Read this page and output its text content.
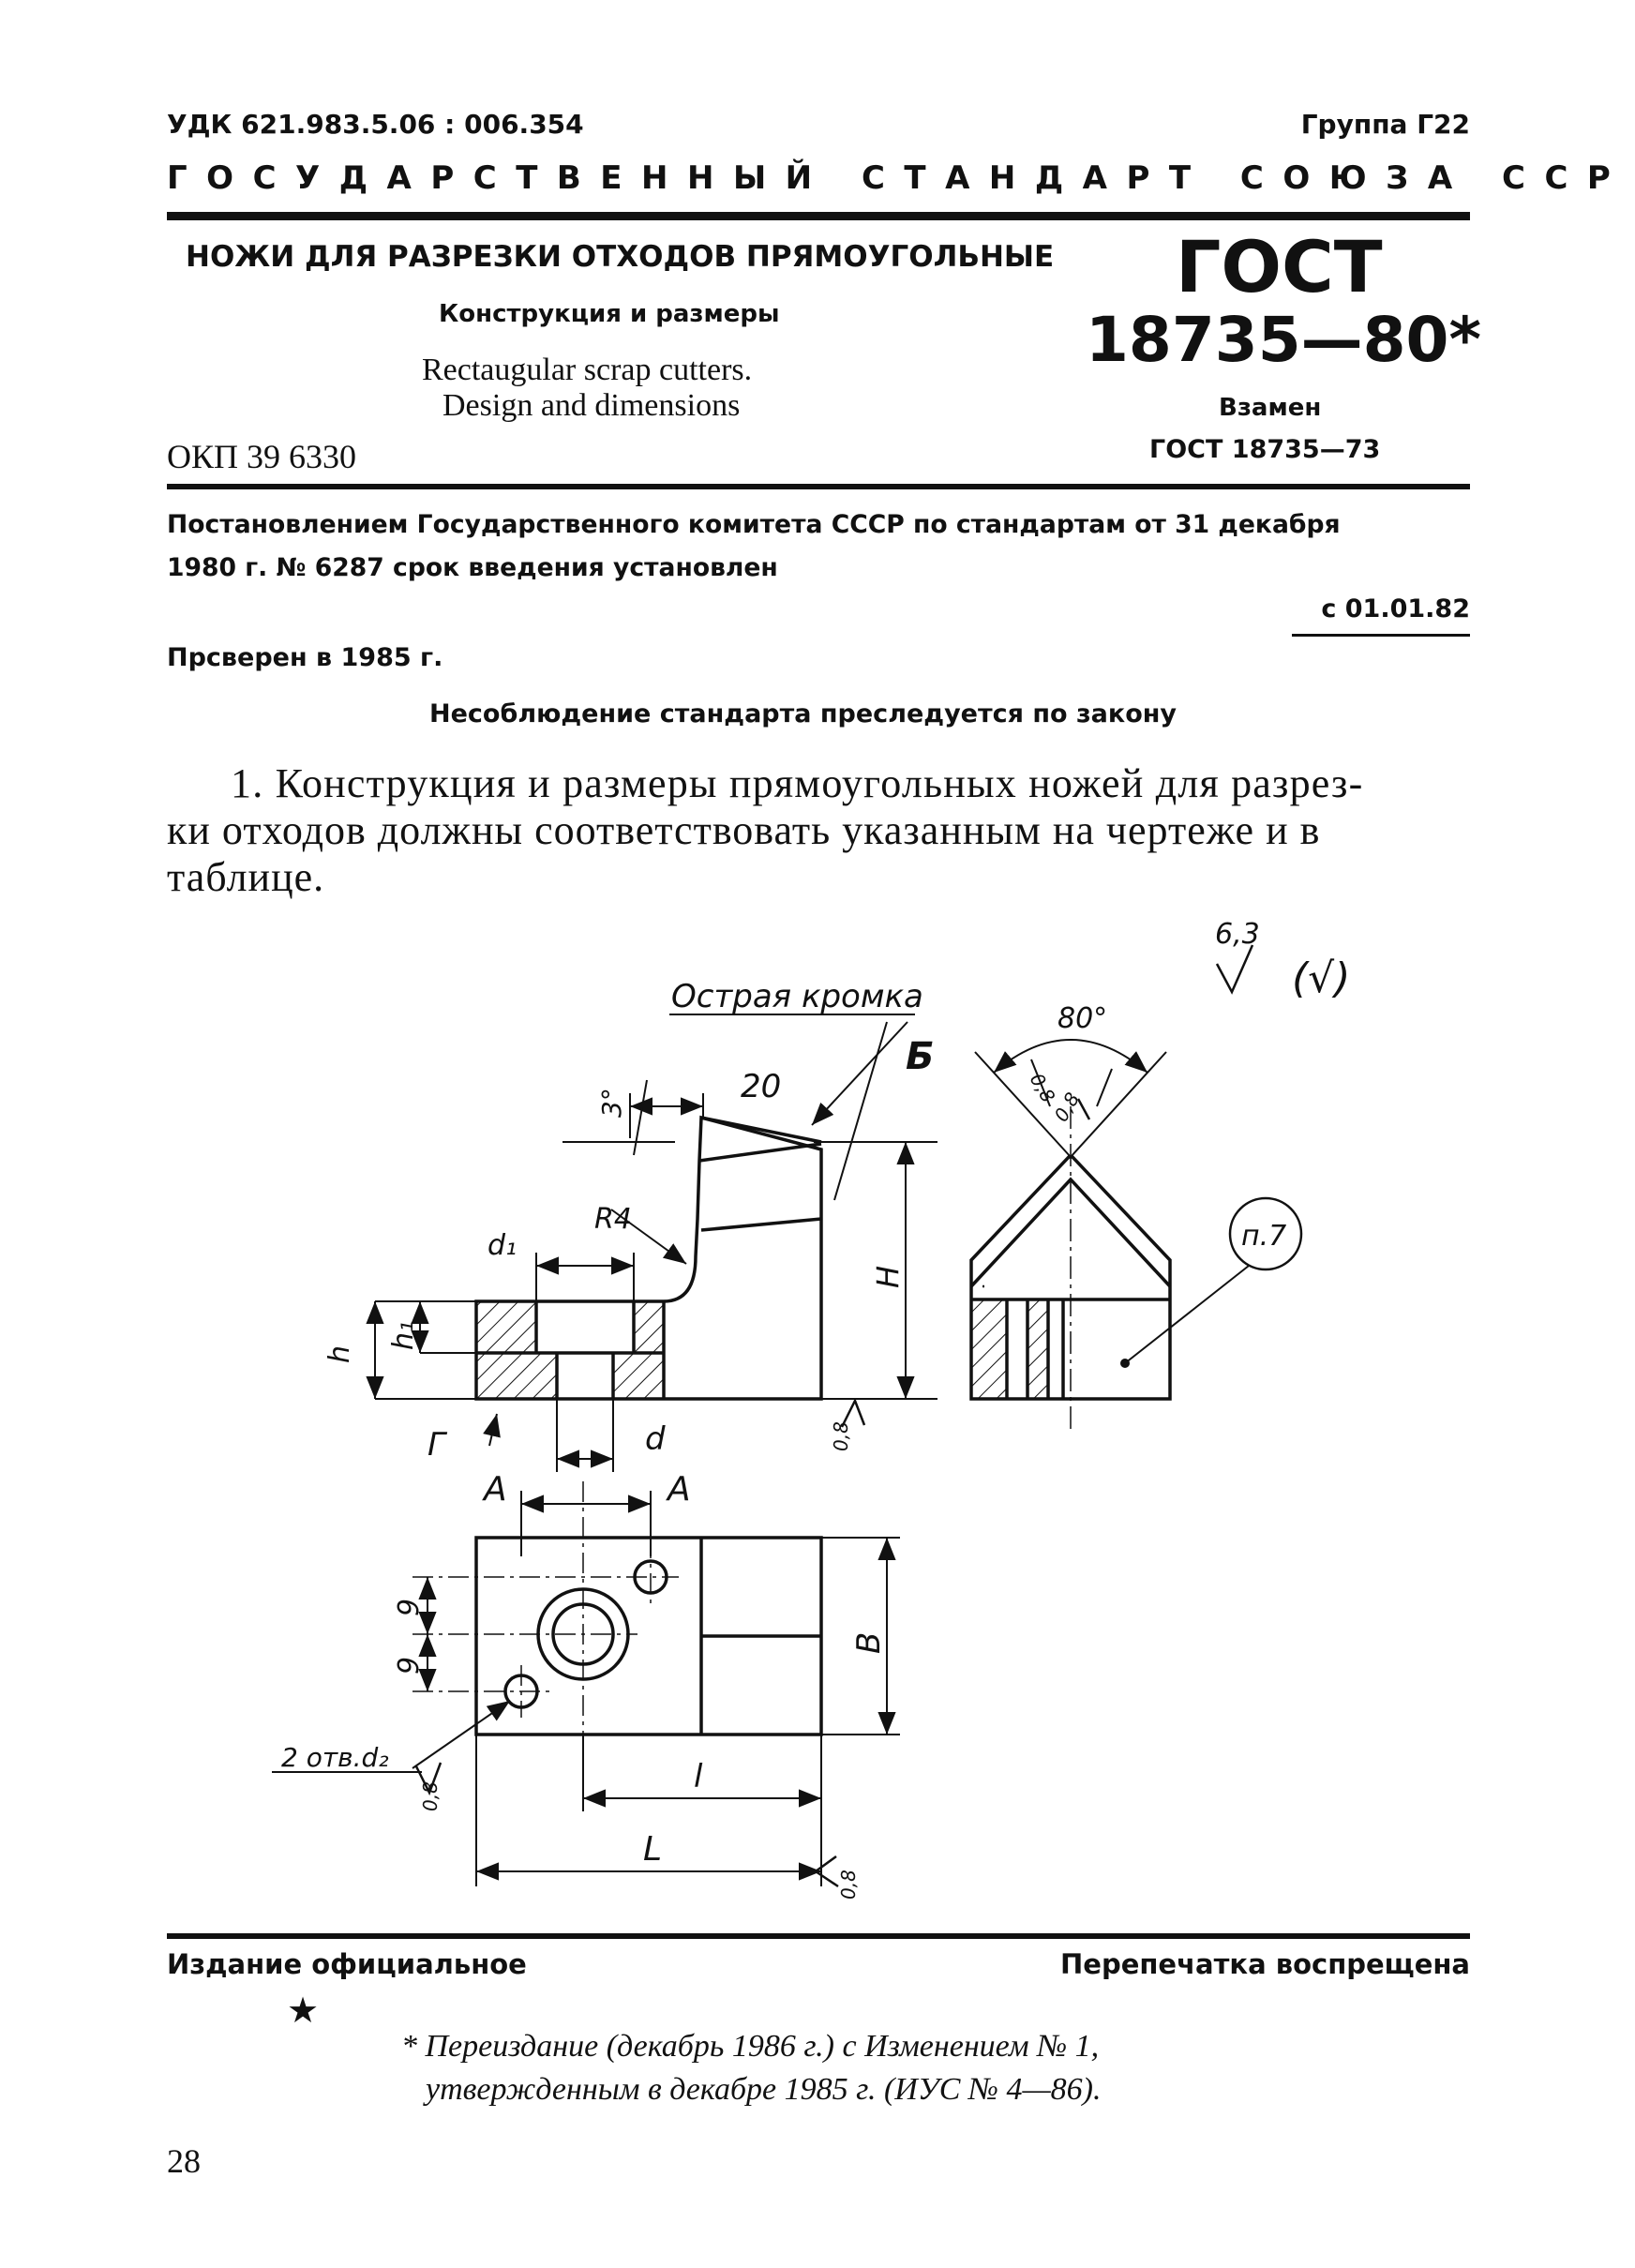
УДК 621.983.5.06 : 006.354	Группа Г22
ГОСУДАРСТВЕННЫЙ СТАНДАРТ СОЮЗА ССР
НОЖИ ДЛЯ РАЗРЕЗКИ ОТХОДОВ ПРЯМОУГОЛЬНЫЕ
Конструкция и размеры
Rectaugular scrap cutters.
Design and dimensions
ОКП 39 6330
ГОСТ
18735—80*
Взамен
ГОСТ 18735—73
Постановлением Государственного комитета СССР по стандартам от 31 декабря
1980 г. № 6287 срок введения установлен
с 01.01.82
Прсверен в 1985 г.
Несоблюдение стандарта преследуется по закону
1. Конструкция и размеры прямоугольных ножей для разрез-
ки отходов должны соответствовать указанным на чертеже и в
таблице.
6,3
(√)
Острая кромка
Б
80°
3°	20
R4
d₁
h
h₁
H
Г	d
А	А
B
9
9
2 отв.d₂
l
L
0,8
0,8
0,8
0,8
0,8
п.7
Издание официальное	Перепечатка воспрещена
★
* Переиздание (декабрь 1986 г.) с Изменением № 1,
утвержденным в декабре 1985 г. (ИУС № 4—86).
28
